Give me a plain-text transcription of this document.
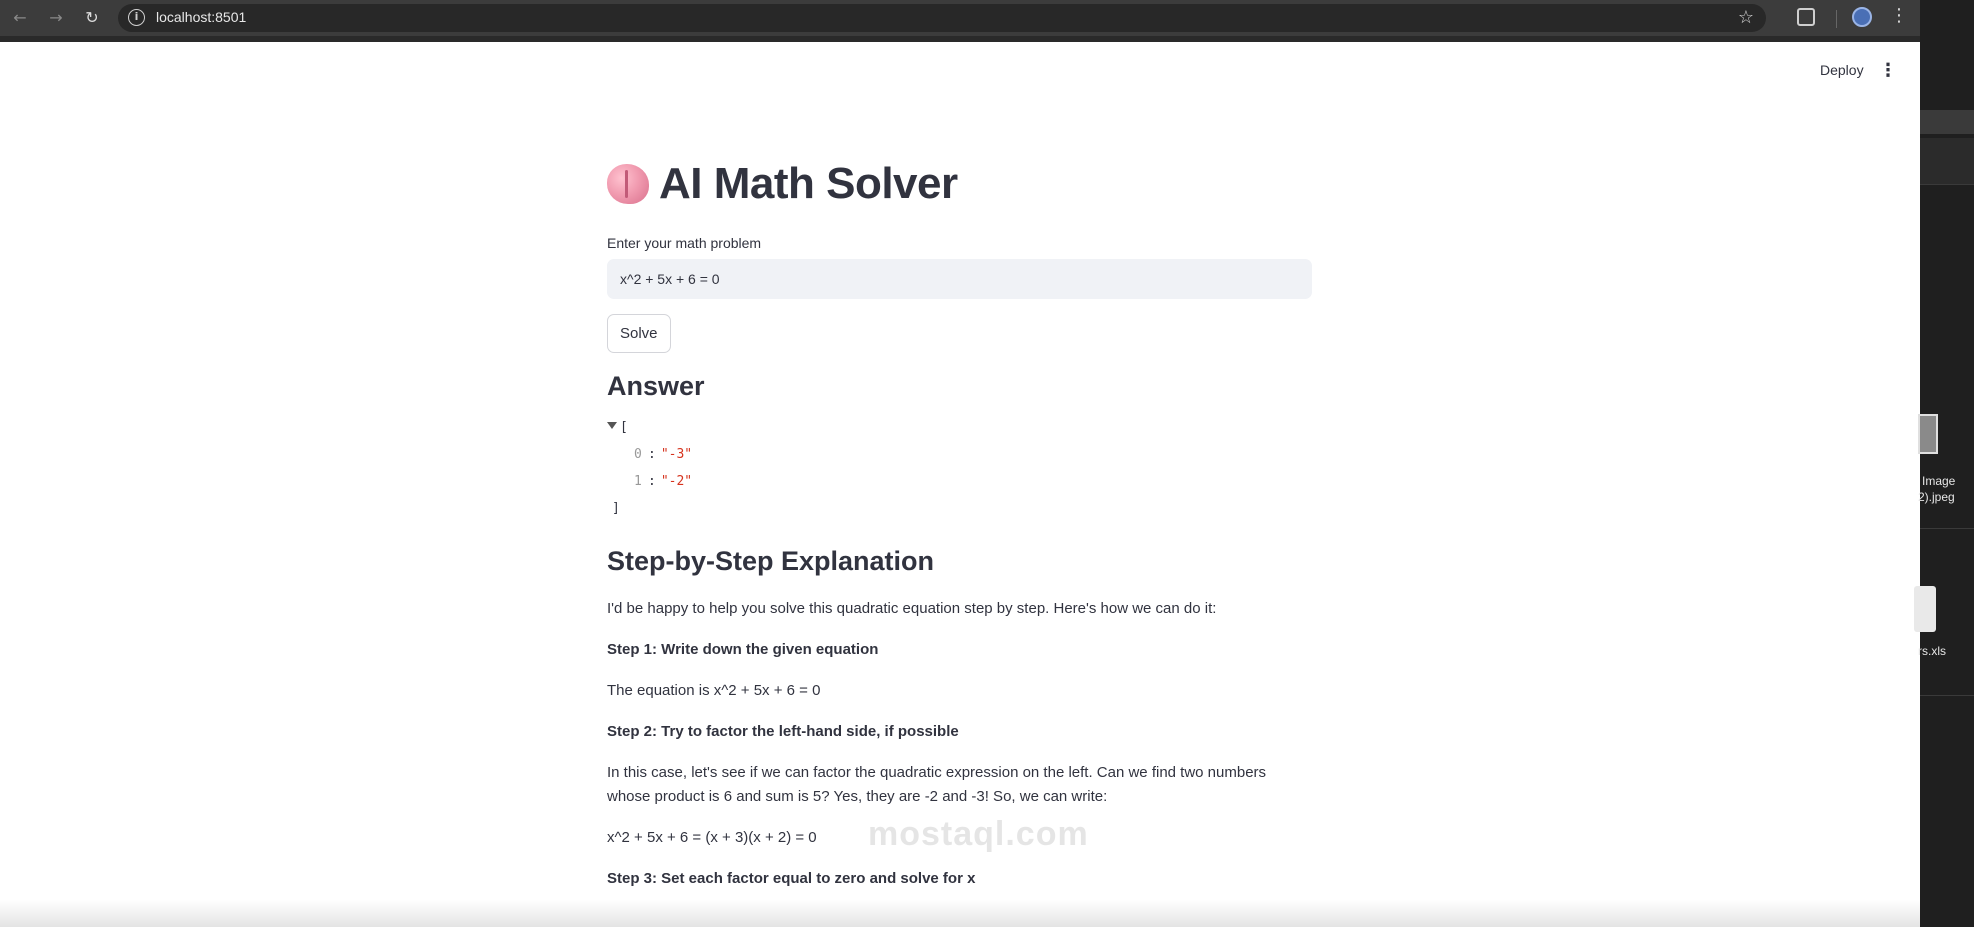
←	→	↻	i	localhost:8501	☆	⋮
Image
2).jpeg
rs.xls
Deploy ⋮
AI Math Solver
Enter your math problem
x^2 + 5x + 6 = 0
Solve
Answer
[
0 : "-3"
1 : "-2"
]
Step-by-Step Explanation
I'd be happy to help you solve this quadratic equation step by step. Here's how we can do it:
Step 1: Write down the given equation
The equation is x^2 + 5x + 6 = 0
Step 2: Try to factor the left-hand side, if possible
In this case, let's see if we can factor the quadratic expression on the left. Can we find two numbers whose product is 6 and sum is 5? Yes, they are -2 and -3! So, we can write:
x^2 + 5x + 6 = (x + 3)(x + 2) = 0
Step 3: Set each factor equal to zero and solve for x
mostaql.com
